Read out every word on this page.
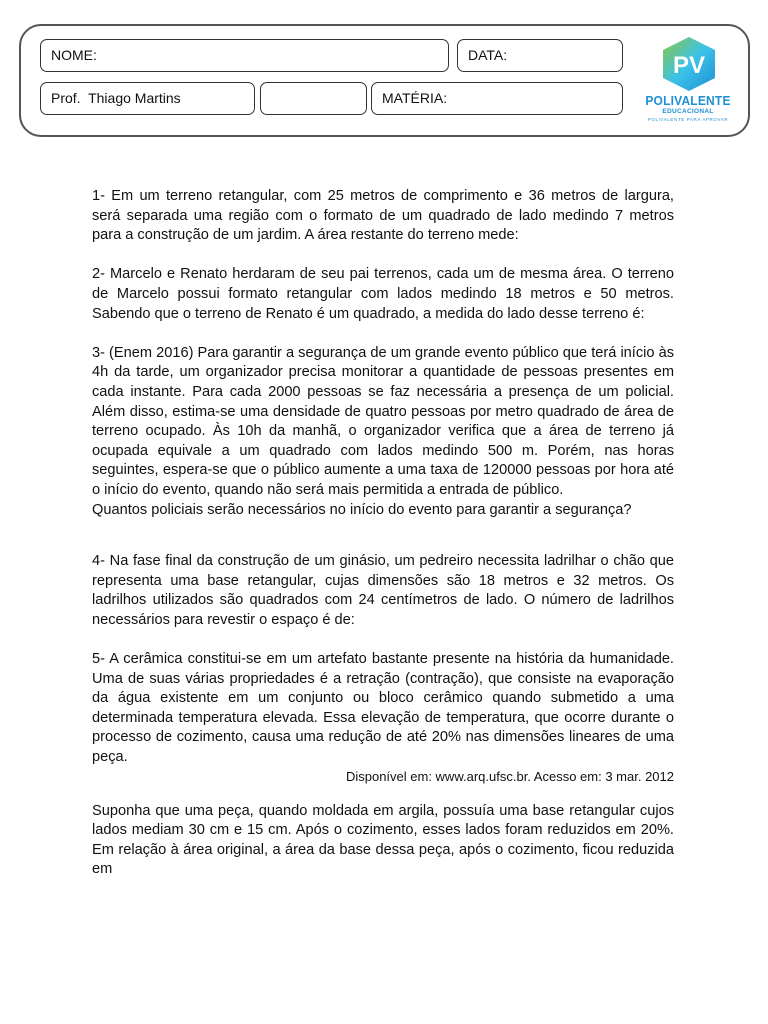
NOME:	DATA:
Prof.  Thiago Martins	MATÉRIA:
PV
POLIVALENTE
EDUCACIONAL
POLIVALENTE PARA APROVAR

1- Em um terreno retangular, com 25 metros de comprimento e 36 metros de largura, será separada uma região com o formato de um quadrado de lado medindo 7 metros para a construção de um jardim. A área restante do terreno mede:

2- Marcelo e Renato herdaram de seu pai terrenos, cada um de mesma área. O terreno de Marcelo possui formato retangular com lados medindo 18 metros e 50 metros. Sabendo que o terreno de Renato é um quadrado, a medida do lado desse terreno é:

3- (Enem 2016) Para garantir a segurança de um grande evento público que terá início às 4h da tarde, um organizador precisa monitorar a quantidade de pessoas presentes em cada instante. Para cada 2000 pessoas se faz necessária a presença de um policial. Além disso, estima-se uma densidade de quatro pessoas por metro quadrado de área de terreno ocupado. Às 10h da manhã, o organizador verifica que a área de terreno já ocupada equivale a um quadrado com lados medindo 500 m. Porém, nas horas seguintes, espera-se que o público aumente a uma taxa de 120000 pessoas por hora até o início do evento, quando não será mais permitida a entrada de público.

Quantos policiais serão necessários no início do evento para garantir a segurança?

4- Na fase final da construção de um ginásio, um pedreiro necessita ladrilhar o chão que representa uma base retangular, cujas dimensões são 18 metros e 32 metros. Os ladrilhos utilizados são quadrados com 24 centímetros de lado. O número de ladrilhos necessários para revestir o espaço é de:

5- A cerâmica constitui-se em um artefato bastante presente na história da humanidade. Uma de suas várias propriedades é a retração (contração), que consiste na evaporação da água existente em um conjunto ou bloco cerâmico quando submetido a uma determinada temperatura elevada. Essa elevação de temperatura, que ocorre durante o processo de cozimento, causa uma redução de até 20% nas dimensões lineares de uma peça.

Disponível em: www.arq.ufsc.br. Acesso em: 3 mar. 2012

Suponha que uma peça, quando moldada em argila, possuía uma base retangular cujos lados mediam 30 cm e 15 cm. Após o cozimento, esses lados foram reduzidos em 20%. Em relação à área original, a área da base dessa peça, após o cozimento, ficou reduzida em
